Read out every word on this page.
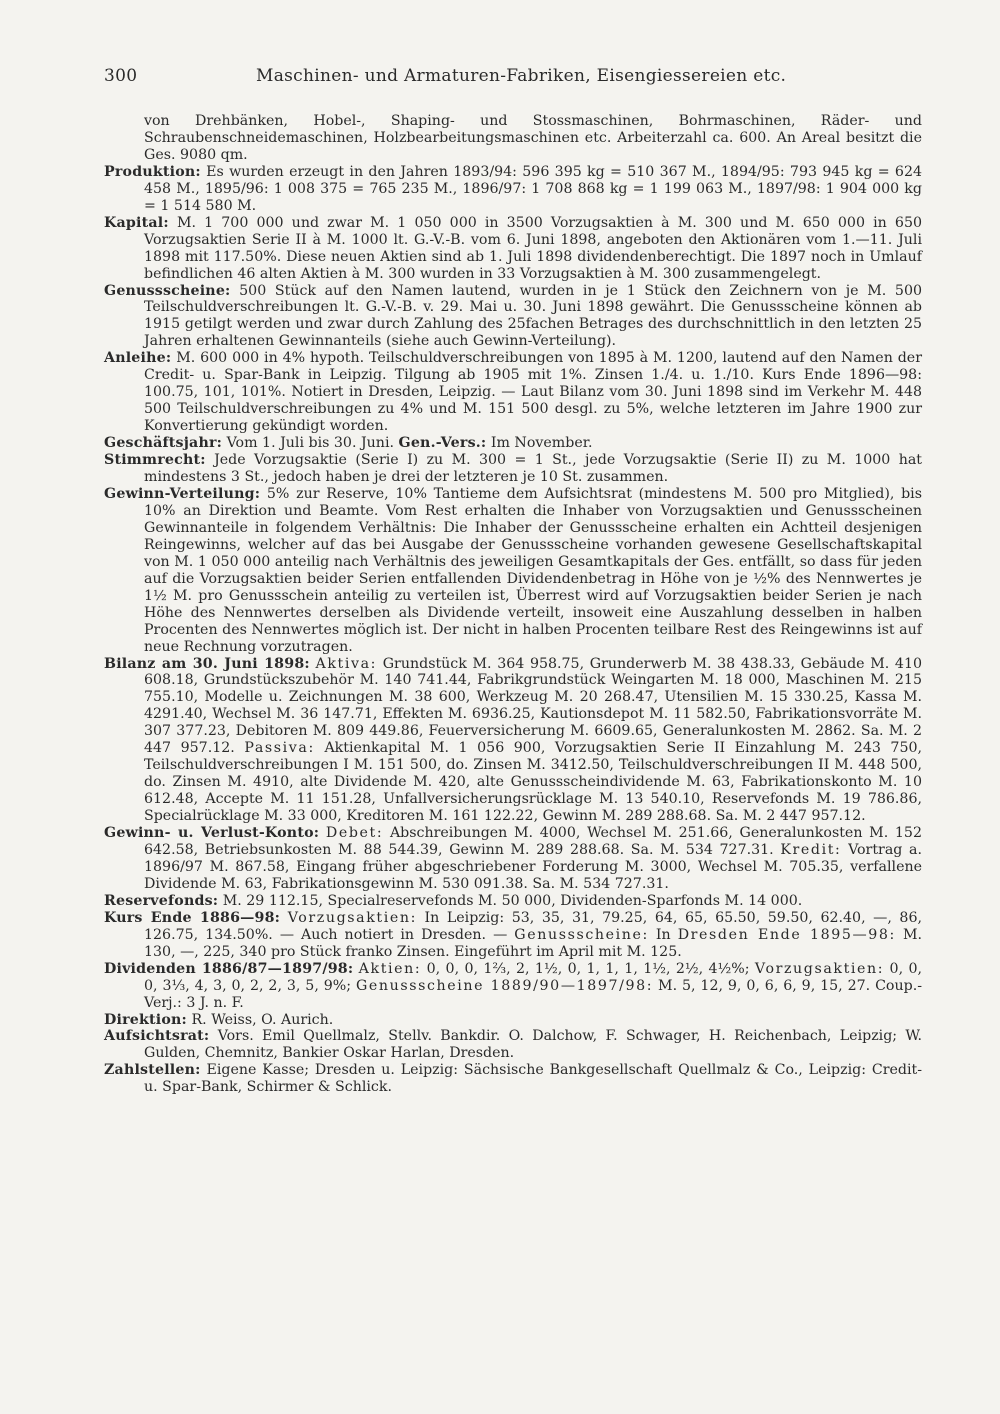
300	Maschinen- und Armaturen-Fabriken, Eisengiessereien etc.

von Drehbänken, Hobel-, Shaping- und Stossmaschinen, Bohrmaschinen, Räder- und Schraubenschneidemaschinen, Holzbearbeitungsmaschinen etc. Arbeiterzahl ca. 600. An Areal besitzt die Ges. 9080 qm.

Produktion: Es wurden erzeugt in den Jahren 1893/94: 596 395 kg = 510 367 M., 1894/95: 793 945 kg = 624 458 M., 1895/96: 1 008 375 = 765 235 M., 1896/97: 1 708 868 kg = 1 199 063 M., 1897/98: 1 904 000 kg = 1 514 580 M.

Kapital: M. 1 700 000 und zwar M. 1 050 000 in 3500 Vorzugsaktien à M. 300 und M. 650 000 in 650 Vorzugsaktien Serie II à M. 1000 lt. G.-V.-B. vom 6. Juni 1898, angeboten den Aktionären vom 1.—11. Juli 1898 mit 117.50%. Diese neuen Aktien sind ab 1. Juli 1898 dividendenberechtigt. Die 1897 noch in Umlauf befindlichen 46 alten Aktien à M. 300 wurden in 33 Vorzugsaktien à M. 300 zusammengelegt.

Genussscheine: 500 Stück auf den Namen lautend, wurden in je 1 Stück den Zeichnern von je M. 500 Teilschuldverschreibungen lt. G.-V.-B. v. 29. Mai u. 30. Juni 1898 gewährt. Die Genussscheine können ab 1915 getilgt werden und zwar durch Zahlung des 25fachen Betrages des durchschnittlich in den letzten 25 Jahren erhaltenen Gewinnanteils (siehe auch Gewinn-Verteilung).

Anleihe: M. 600 000 in 4% hypoth. Teilschuldverschreibungen von 1895 à M. 1200, lautend auf den Namen der Credit- u. Spar-Bank in Leipzig. Tilgung ab 1905 mit 1%. Zinsen 1./4. u. 1./10. Kurs Ende 1896—98: 100.75, 101, 101%. Notiert in Dresden, Leipzig. — Laut Bilanz vom 30. Juni 1898 sind im Verkehr M. 448 500 Teilschuldverschreibungen zu 4% und M. 151 500 desgl. zu 5%, welche letzteren im Jahre 1900 zur Konvertierung gekündigt worden.

Geschäftsjahr: Vom 1. Juli bis 30. Juni. Gen.-Vers.: Im November.

Stimmrecht: Jede Vorzugsaktie (Serie I) zu M. 300 = 1 St., jede Vorzugsaktie (Serie II) zu M. 1000 hat mindestens 3 St., jedoch haben je drei der letzteren je 10 St. zusammen.

Gewinn-Verteilung: 5% zur Reserve, 10% Tantieme dem Aufsichtsrat (mindestens M. 500 pro Mitglied), bis 10% an Direktion und Beamte. Vom Rest erhalten die Inhaber von Vorzugsaktien und Genussscheinen Gewinnanteile in folgendem Verhältnis: Die Inhaber der Genussscheine erhalten ein Achtteil desjenigen Reingewinns, welcher auf das bei Ausgabe der Genussscheine vorhanden gewesene Gesellschaftskapital von M. 1 050 000 anteilig nach Verhältnis des jeweiligen Gesamtkapitals der Ges. entfällt, so dass für jeden auf die Vorzugsaktien beider Serien entfallenden Dividendenbetrag in Höhe von je ½% des Nennwertes je 1½ M. pro Genussschein anteilig zu verteilen ist, Überrest wird auf Vorzugsaktien beider Serien je nach Höhe des Nennwertes derselben als Dividende verteilt, insoweit eine Auszahlung desselben in halben Procenten des Nennwertes möglich ist. Der nicht in halben Procenten teilbare Rest des Reingewinns ist auf neue Rechnung vorzutragen.

Bilanz am 30. Juni 1898: Aktiva: Grundstück M. 364 958.75, Grunderwerb M. 38 438.33, Gebäude M. 410 608.18, Grundstückszubehör M. 140 741.44, Fabrikgrundstück Weingarten M. 18 000, Maschinen M. 215 755.10, Modelle u. Zeichnungen M. 38 600, Werkzeug M. 20 268.47, Utensilien M. 15 330.25, Kassa M. 4291.40, Wechsel M. 36 147.71, Effekten M. 6936.25, Kautionsdepot M. 11 582.50, Fabrikationsvorräte M. 307 377.23, Debitoren M. 809 449.86, Feuerversicherung M. 6609.65, Generalunkosten M. 2862. Sa. M. 2 447 957.12. Passiva: Aktienkapital M. 1 056 900, Vorzugsaktien Serie II Einzahlung M. 243 750, Teilschuldverschreibungen I M. 151 500, do. Zinsen M. 3412.50, Teilschuldverschreibungen II M. 448 500, do. Zinsen M. 4910, alte Dividende M. 420, alte Genussscheindividende M. 63, Fabrikationskonto M. 10 612.48, Accepte M. 11 151.28, Unfallversicherungsrücklage M. 13 540.10, Reservefonds M. 19 786.86, Specialrücklage M. 33 000, Kreditoren M. 161 122.22, Gewinn M. 289 288.68. Sa. M. 2 447 957.12.

Gewinn- u. Verlust-Konto: Debet: Abschreibungen M. 4000, Wechsel M. 251.66, Generalunkosten M. 152 642.58, Betriebsunkosten M. 88 544.39, Gewinn M. 289 288.68. Sa. M. 534 727.31. Kredit: Vortrag a. 1896/97 M. 867.58, Eingang früher abgeschriebener Forderung M. 3000, Wechsel M. 705.35, verfallene Dividende M. 63, Fabrikationsgewinn M. 530 091.38. Sa. M. 534 727.31.

Reservefonds: M. 29 112.15, Specialreservefonds M. 50 000, Dividenden-Sparfonds M. 14 000.

Kurs Ende 1886—98: Vorzugsaktien: In Leipzig: 53, 35, 31, 79.25, 64, 65, 65.50, 59.50, 62.40, —, 86, 126.75, 134.50%. — Auch notiert in Dresden. — Genussscheine: In Dresden Ende 1895—98: M. 130, —, 225, 340 pro Stück franko Zinsen. Eingeführt im April mit M. 125.

Dividenden 1886/87—1897/98: Aktien: 0, 0, 0, 1⅔, 2, 1½, 0, 1, 1, 1, 1½, 2½, 4½%; Vorzugsaktien: 0, 0, 0, 3⅓, 4, 3, 0, 2, 2, 3, 5, 9%; Genussscheine 1889/90—1897/98: M. 5, 12, 9, 0, 6, 6, 9, 15, 27. Coup.-Verj.: 3 J. n. F.

Direktion: R. Weiss, O. Aurich.

Aufsichtsrat: Vors. Emil Quellmalz, Stellv. Bankdir. O. Dalchow, F. Schwager, H. Reichenbach, Leipzig; W. Gulden, Chemnitz, Bankier Oskar Harlan, Dresden.

Zahlstellen: Eigene Kasse; Dresden u. Leipzig: Sächsische Bankgesellschaft Quellmalz & Co., Leipzig: Credit- u. Spar-Bank, Schirmer & Schlick.
